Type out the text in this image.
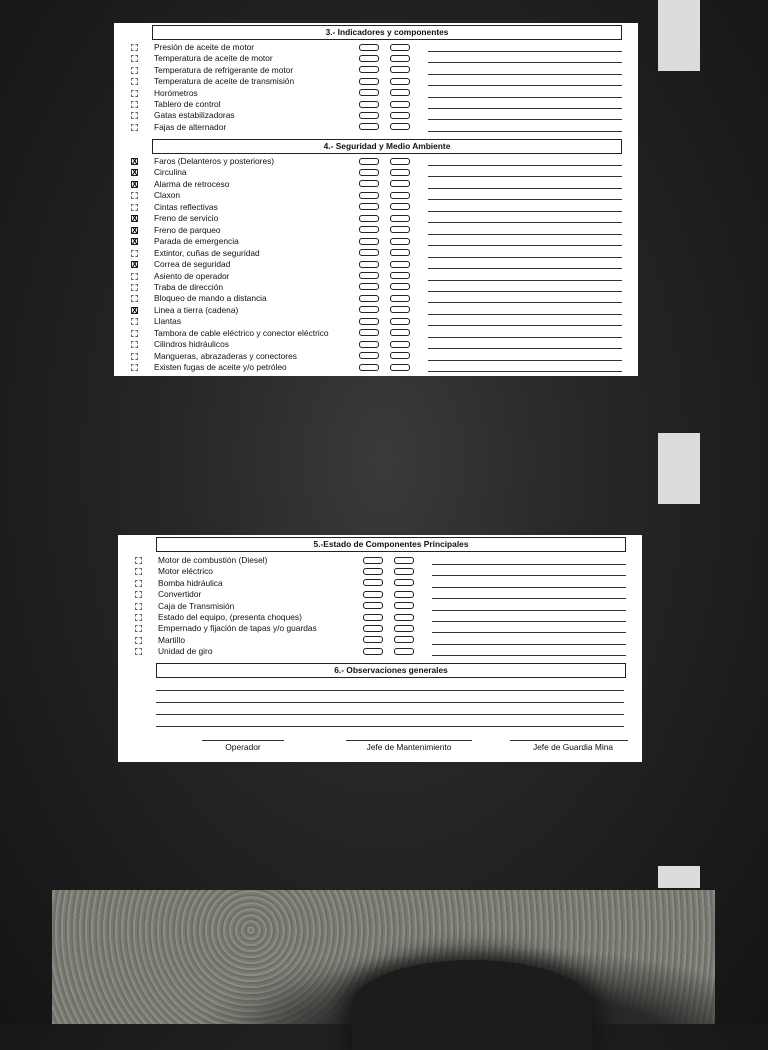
3.- Indicadores y componentes
Presión de aceite de motor
Temperatura de aceite de motor
Temperatura de refrigerante de motor
Temperatura de aceite de transmisión
Horómetros
Tablero de control
Gatas estabilizadoras
Fajas de alternador
4.- Seguridad y Medio Ambiente
X Faros (Delanteros y posteriores)
X Circulina
X Alarma de retroceso
Claxon
Cintas reflectivas
X Freno de servicio
X Freno de parqueo
X Parada de emergencia
Extintor, cuñas de seguridad
X Correa de seguridad
Asiento de operador
Traba de dirección
Bloqueo de mando a distancia
X Linea a tierra (cadena)
Llantas
Tambora de cable eléctrico y conector eléctrico
Cilindros hidráulicos
Mangueras, abrazaderas y conectores
Existen fugas de aceite y/o petróleo
5.-Estado de Componentes Principales
Motor de combustión (Diesel)
Motor eléctrico
Bomba hidráulica
Convertidor
Caja de Transmisión
Estado del equipo, (presenta choques)
Empernado y fijación de tapas y/o guardas
Martillo
Unidad de giro
6.- Observaciones generales
Operador	Jefe de Mantenimiento	Jefe de Guardia Mina
